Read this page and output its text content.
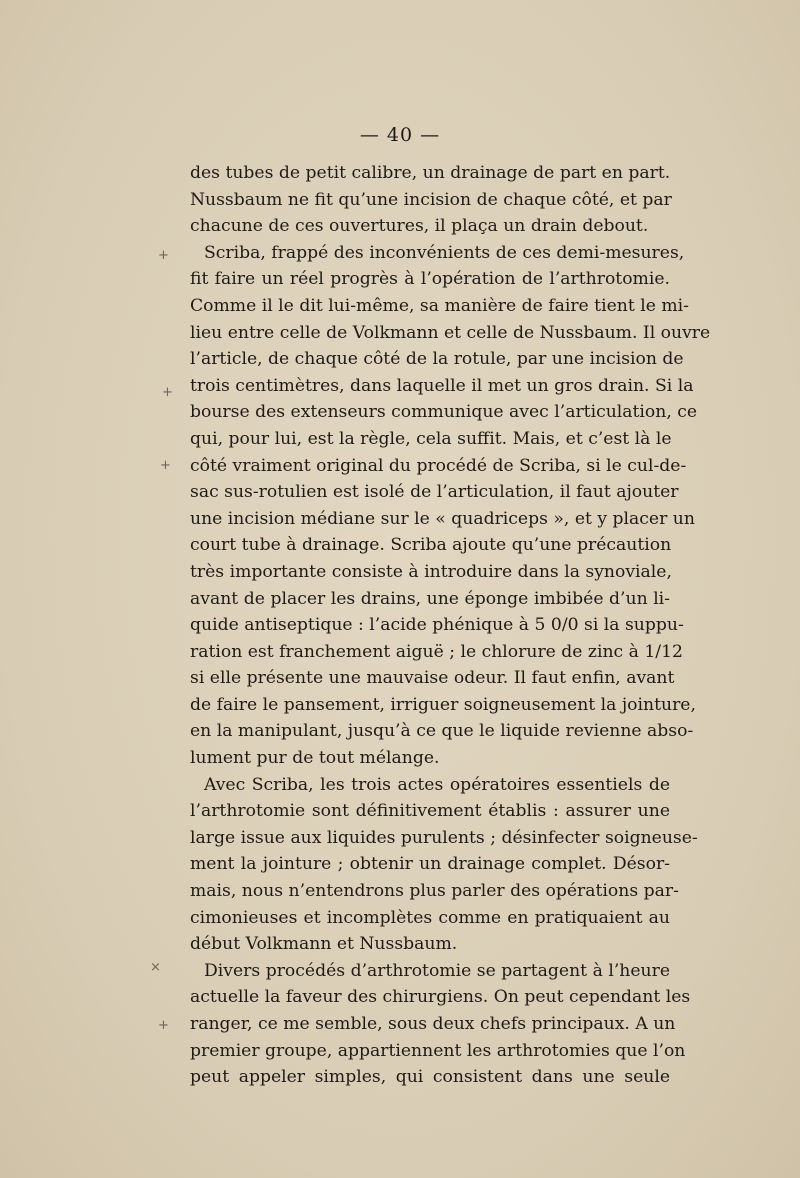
— 40 —
+
+
+
×
+
des tubes de petit calibre, un drainage de part en part.
Nussbaum ne fit qu’une incision de chaque côté, et par
chacune de ces ouvertures, il plaça un drain debout.
Scriba, frappé des inconvénients de ces demi-mesures,
fit faire un réel progrès à l’opération de l’arthrotomie.
Comme il le dit lui-même, sa manière de faire tient le mi-
lieu entre celle de Volkmann et celle de Nussbaum. Il ouvre
l’article, de chaque côté de la rotule, par une incision de
trois centimètres, dans laquelle il met un gros drain. Si la
bourse des extenseurs communique avec l’articulation, ce
qui, pour lui, est la règle, cela suffit. Mais, et c’est là le
côté vraiment original du procédé de Scriba, si le cul-de-
sac sus-rotulien est isolé de l’articulation, il faut ajouter
une incision médiane sur le « quadriceps », et y placer un
court tube à drainage. Scriba ajoute qu’une précaution
très importante consiste à introduire dans la synoviale,
avant de placer les drains, une éponge imbibée d’un li-
quide antiseptique : l’acide phénique à 5 0/0 si la suppu-
ration est franchement aiguë ; le chlorure de zinc à 1/12
si elle présente une mauvaise odeur. Il faut enfin, avant
de faire le pansement, irriguer soigneusement la jointure,
en la manipulant, jusqu’à ce que le liquide revienne abso-
lument pur de tout mélange.
Avec Scriba, les trois actes opératoires essentiels de
l’arthrotomie sont définitivement établis : assurer une
large issue aux liquides purulents ; désinfecter soigneuse-
ment la jointure ; obtenir un drainage complet. Désor-
mais, nous n’entendrons plus parler des opérations par-
cimonieuses et incomplètes comme en pratiquaient au
début Volkmann et Nussbaum.
Divers procédés d’arthrotomie se partagent à l’heure
actuelle la faveur des chirurgiens. On peut cependant les
ranger, ce me semble, sous deux chefs principaux. A un
premier groupe, appartiennent les arthrotomies que l’on
peut appeler simples, qui consistent dans une seule
